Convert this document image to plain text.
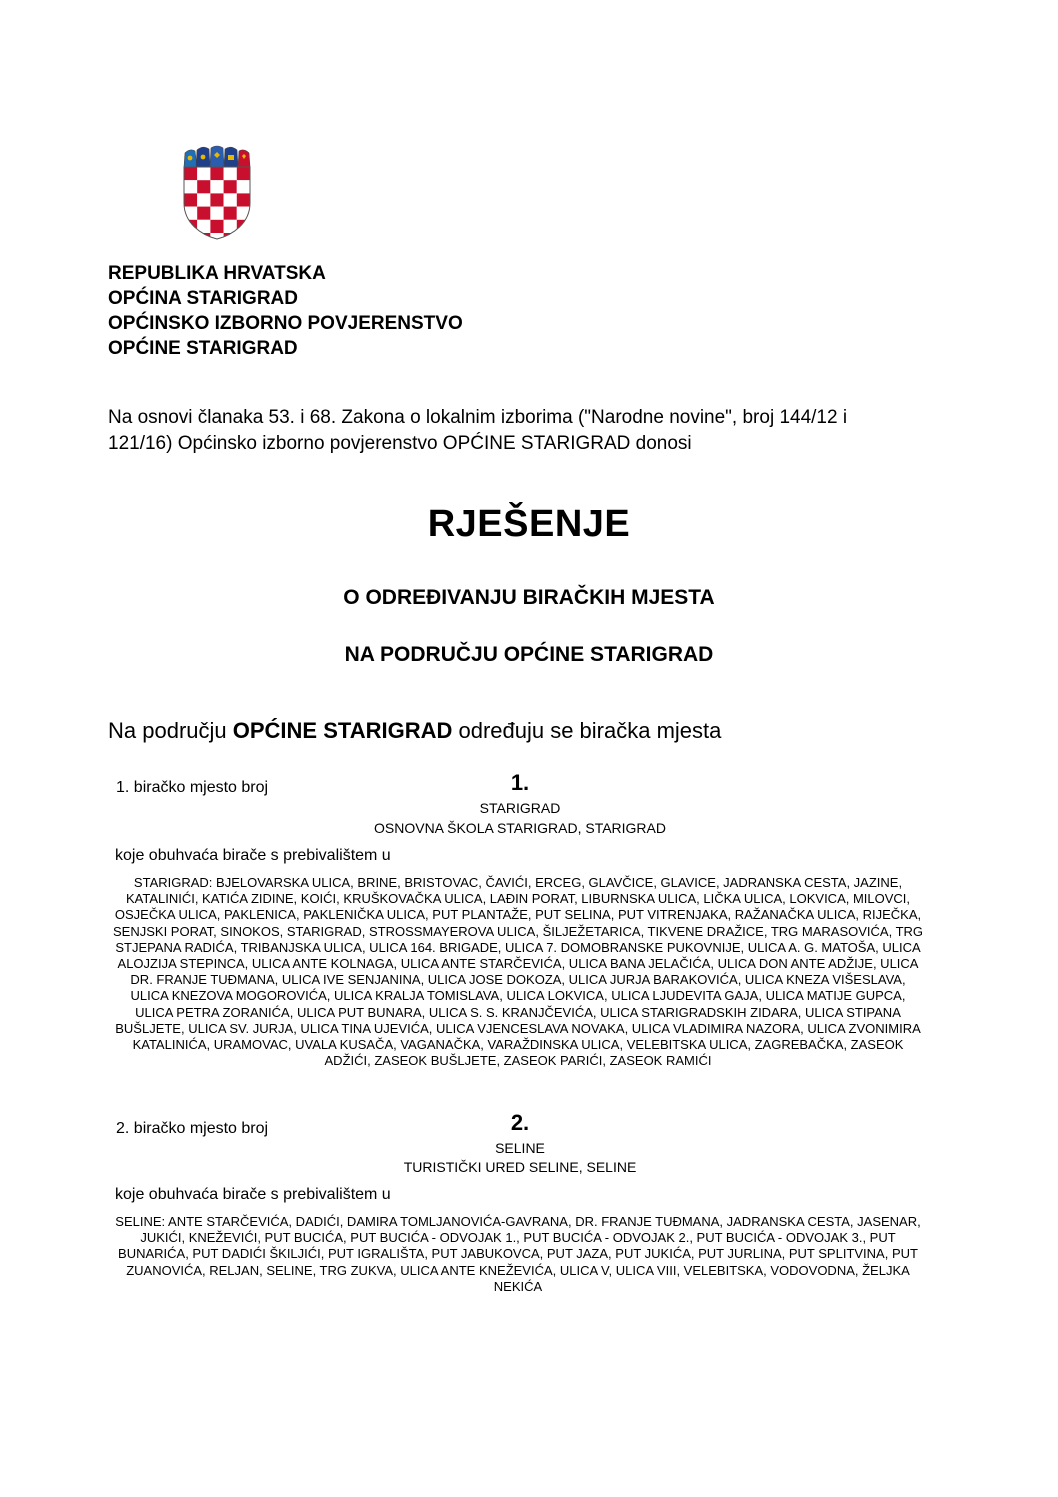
REPUBLIKA HRVATSKA
OPĆINA STARIGRAD
OPĆINSKO IZBORNO POVJERENSTVO
OPĆINE STARIGRAD
Na osnovi članaka 53. i 68. Zakona o lokalnim izborima ("Narodne novine", broj 144/12 i
121/16) Općinsko izborno povjerenstvo OPĆINE STARIGRAD donosi
RJEŠENJE
O ODREĐIVANJU BIRAČKIH MJESTA
NA PODRUČJU OPĆINE STARIGRAD
Na području OPĆINE STARIGRAD određuju se biračka mjesta
1. biračko mjesto broj	1.
STARIGRAD
OSNOVNA ŠKOLA STARIGRAD, STARIGRAD
koje obuhvaća birače s prebivalištem u
STARIGRAD: BJELOVARSKA ULICA, BRINE, BRISTOVAC, ČAVIĆI, ERCEG, GLAVČICE, GLAVICE, JADRANSKA CESTA, JAZINE, KATALINIĆI, KATIĆA ZIDINE, KOIĆI, KRUŠKOVAČKA ULICA, LAĐIN PORAT, LIBURNSKA ULICA, LIČKA ULICA, LOKVICA, MILOVCI, OSJEČKA ULICA, PAKLENICA, PAKLENIČKA ULICA, PUT PLANTAŽE, PUT SELINA, PUT VITRENJAKA, RAŽANAČKA ULICA, RIJEČKA, SENJSKI PORAT, SINOKOS, STARIGRAD, STROSSMAYEROVA ULICA, ŠILJEŽETARICA, TIKVENE DRAŽICE, TRG MARASOVIĆA, TRG STJEPANA RADIĆA, TRIBANJSKA ULICA, ULICA 164. BRIGADE, ULICA 7. DOMOBRANSKE PUKOVNIJE, ULICA A. G. MATOŠA, ULICA ALOJZIJA STEPINCA, ULICA ANTE KOLNAGA, ULICA ANTE STARČEVIĆA, ULICA BANA JELAČIĆA, ULICA DON ANTE ADŽIJE, ULICA DR. FRANJE TUĐMANA, ULICA IVE SENJANINA, ULICA JOSE DOKOZA, ULICA JURJA BARAKOVIĆA, ULICA KNEZA VIŠESLAVA, ULICA KNEZOVA MOGOROVIĆA, ULICA KRALJA TOMISLAVA, ULICA LOKVICA, ULICA LJUDEVITA GAJA, ULICA MATIJE GUPCA, ULICA PETRA ZORANIĆA, ULICA PUT BUNARA, ULICA S. S. KRANJČEVIĆA, ULICA STARIGRADSKIH ZIDARA, ULICA STIPANA BUŠLJETE, ULICA SV. JURJA, ULICA TINA UJEVIĆA, ULICA VJENCESLAVA NOVAKA, ULICA VLADIMIRA NAZORA, ULICA ZVONIMIRA KATALINIĆA, URAMOVAC, UVALA KUSAČA, VAGANAČKA, VARAŽDINSKA ULICA, VELEBITSKA ULICA, ZAGREBAČKA, ZASEOK ADŽIĆI, ZASEOK BUŠLJETE, ZASEOK PARIĆI, ZASEOK RAMIĆI
2. biračko mjesto broj	2.
SELINE
TURISTIČKI URED SELINE, SELINE
koje obuhvaća birače s prebivalištem u
SELINE: ANTE STARČEVIĆA, DADIĆI, DAMIRA TOMLJANOVIĆA-GAVRANA, DR. FRANJE TUĐMANA, JADRANSKA CESTA, JASENAR, JUKIĆI, KNEŽEVIĆI, PUT BUCIĆA, PUT BUCIĆA - ODVOJAK 1., PUT BUCIĆA - ODVOJAK 2., PUT BUCIĆA - ODVOJAK 3., PUT BUNARIĆA, PUT DADIĆI ŠKILJIĆI, PUT IGRALIŠTA, PUT JABUKOVCA, PUT JAZA, PUT JUKIĆA, PUT JURLINA, PUT SPLITVINA, PUT ZUANOVIĆA, RELJAN, SELINE, TRG ZUKVA, ULICA ANTE KNEŽEVIĆA, ULICA V, ULICA VIII, VELEBITSKA, VODOVODNA, ŽELJKA NEKIĆA
